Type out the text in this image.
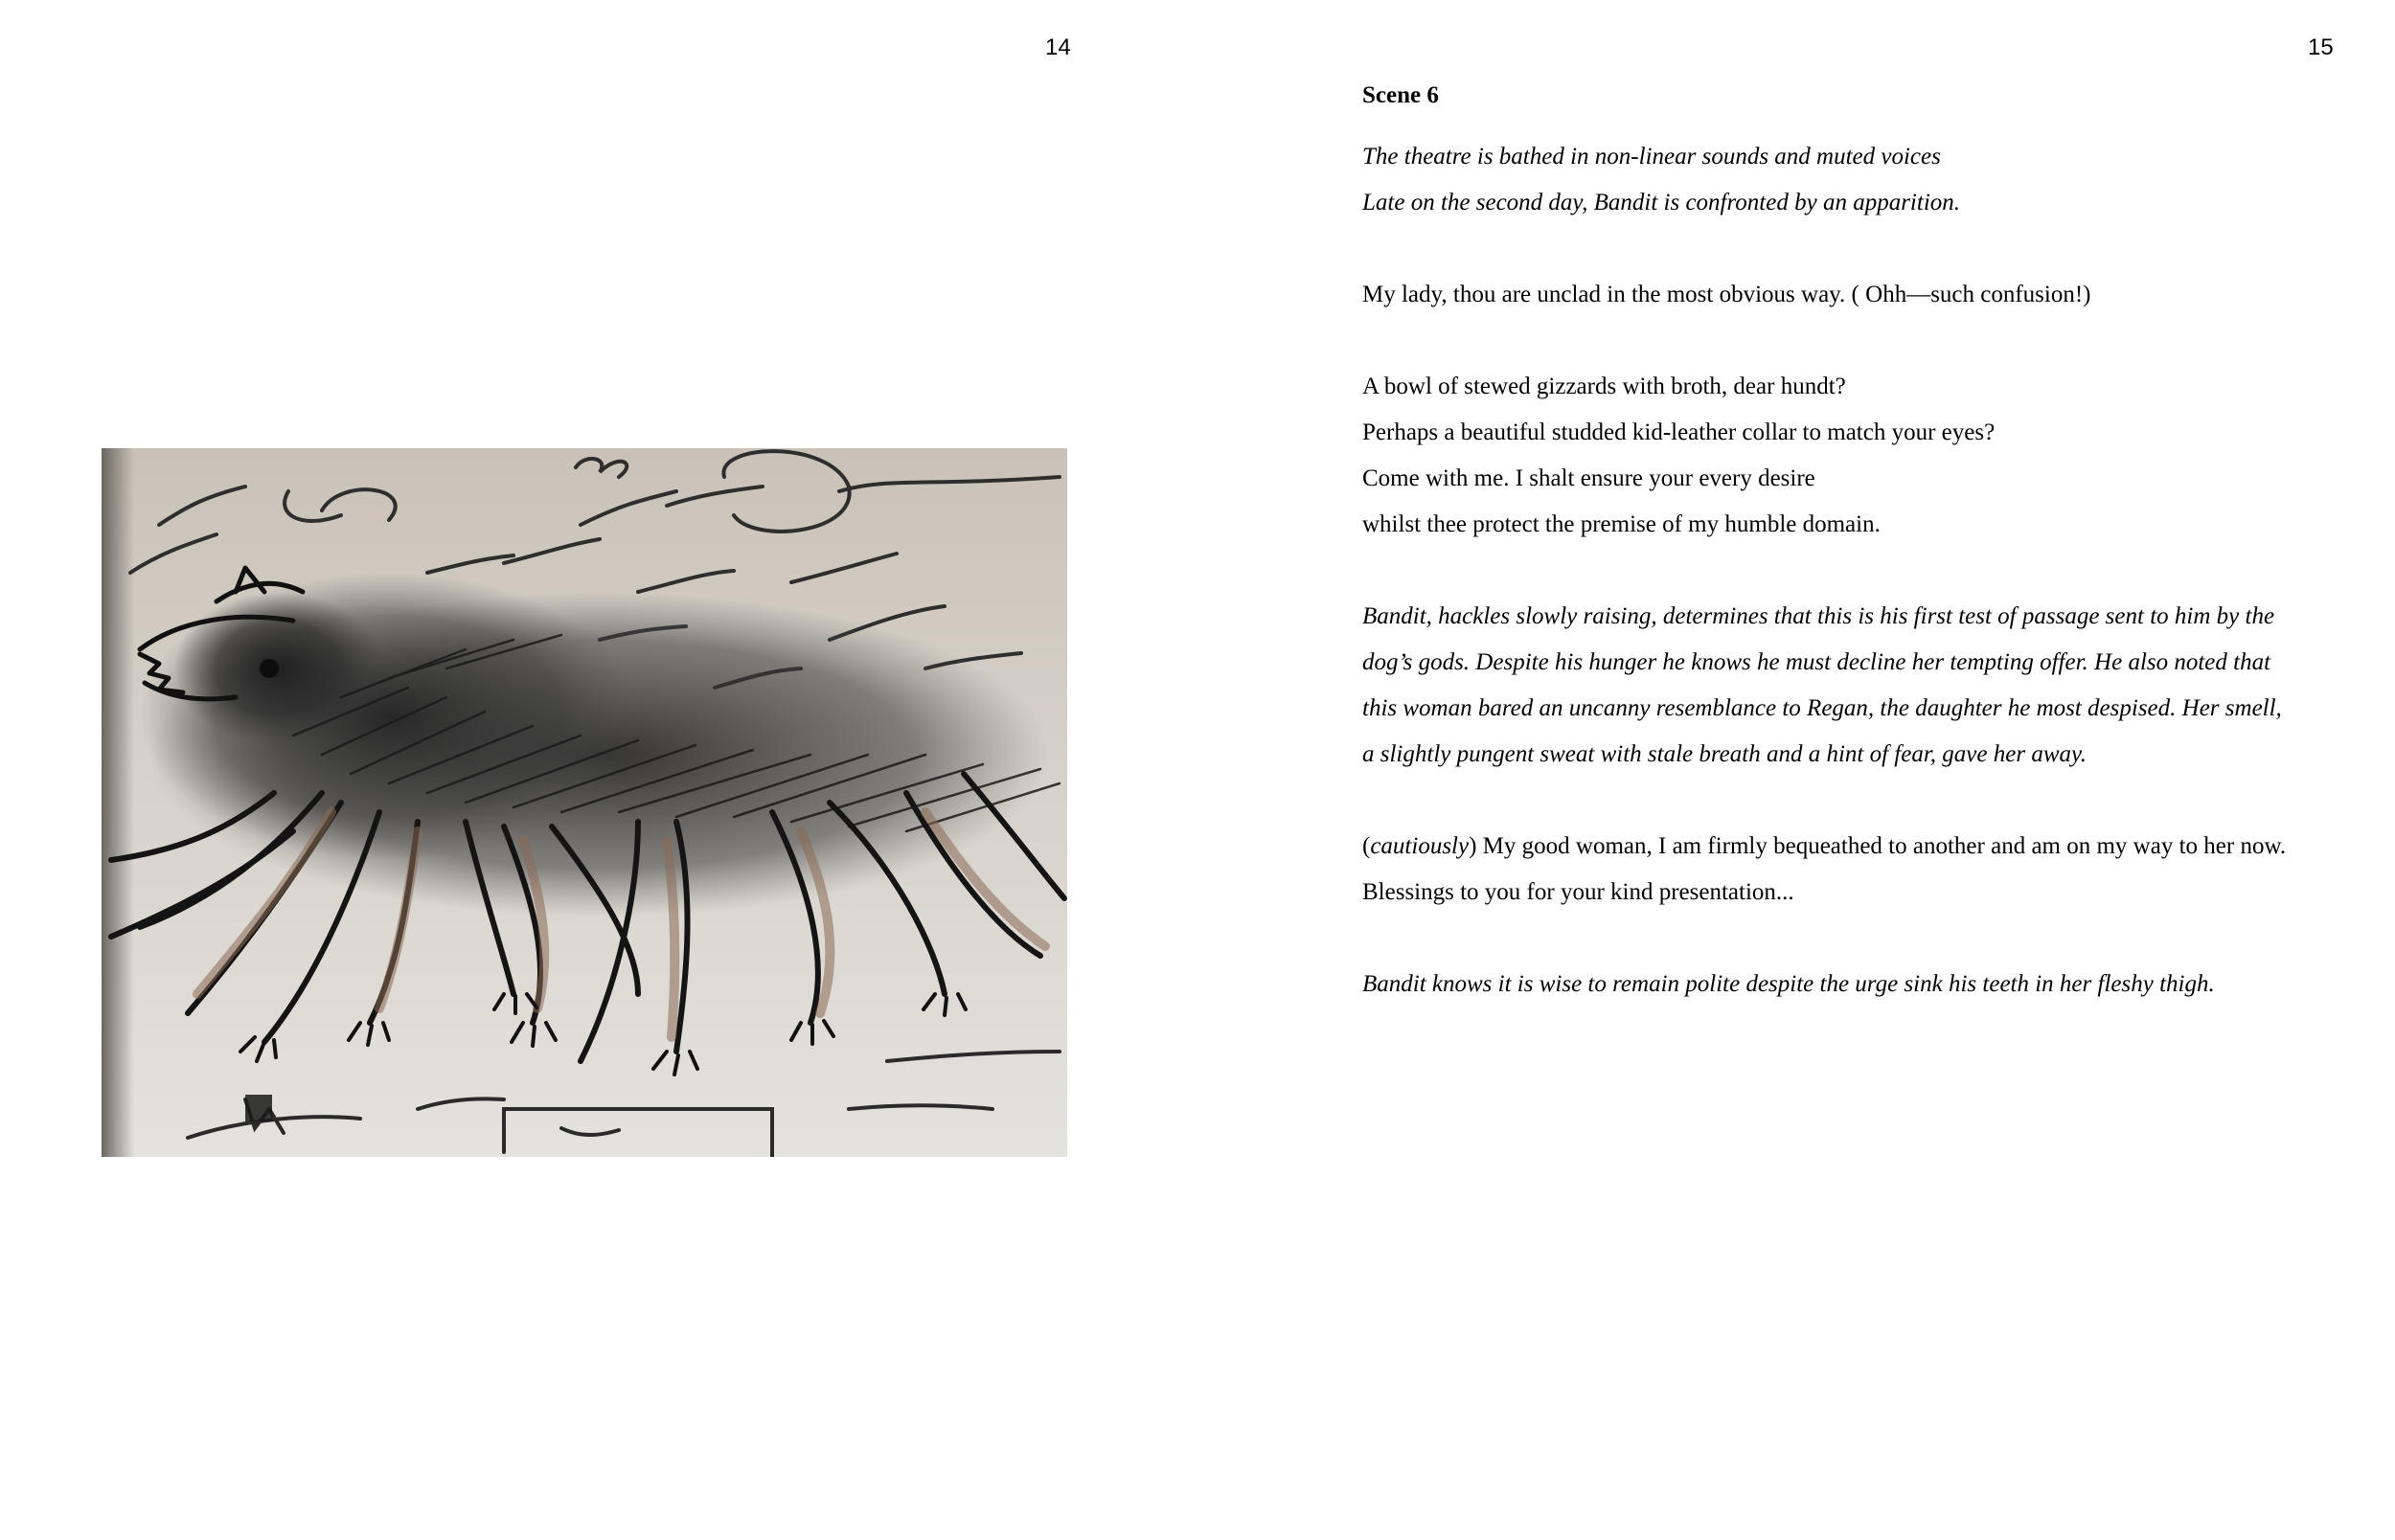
14	15
Scene 6
The theatre is bathed in non-linear sounds and muted voices
Late on the second day, Bandit is confronted by an apparition.
My lady, thou are unclad in the most obvious way. ( Ohh—such confusion!)
A bowl of stewed gizzards with broth, dear hundt?
Perhaps a beautiful studded kid-leather collar to match your eyes?
Come with me. I shalt ensure your every desire
whilst thee protect the premise of my humble domain.
Bandit, hackles slowly raising, determines that this is his first test of passage sent to him by the
dog’s gods. Despite his hunger he knows he must decline her tempting offer. He also noted that
this woman bared an uncanny resemblance to Regan, the daughter he most despised. Her smell,
a slightly pungent sweat with stale breath and a hint of fear, gave her away.
(cautiously) My good woman, I am firmly bequeathed to another and am on my way to her now.
Blessings to you for your kind presentation...
Bandit knows it is wise to remain polite despite the urge sink his teeth in her fleshy thigh.
